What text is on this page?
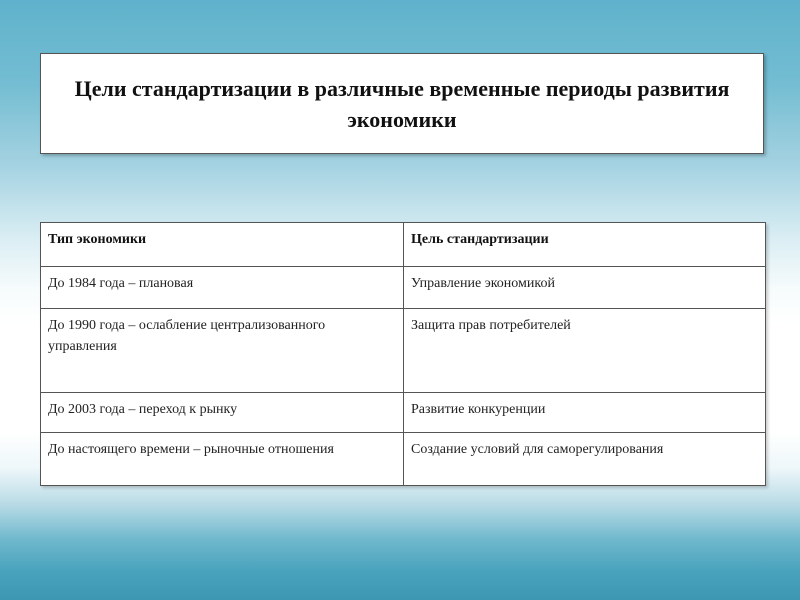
Цели стандартизации в различные временные периоды развития экономики
Тип экономики	Цель стандартизации
До 1984 года – плановая	Управление экономикой
До 1990 года – ослабление централизованного управления	Защита прав потребителей
До 2003 года – переход к рынку	Развитие конкуренции
До настоящего времени – рыночные отношения	Создание условий для саморегулирования
